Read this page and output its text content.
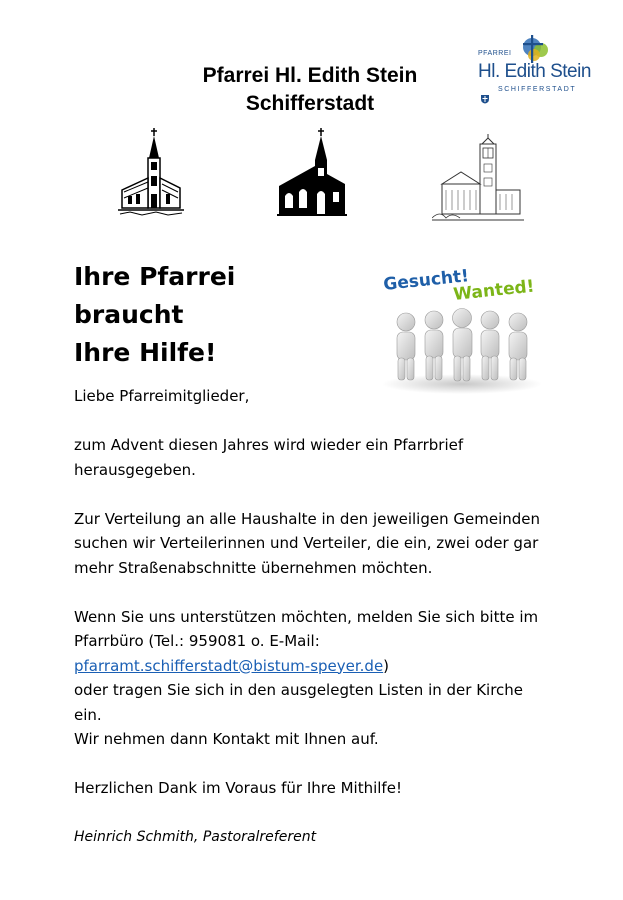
Pfarrei Hl. Edith Stein
Schifferstadt
PFARREI
Hl. Edith Stein
SCHIFFERSTADT
Ihre Pfarrei
braucht
Ihre Hilfe!
Gesucht!
Wanted!

Liebe Pfarreimitglieder,

zum Advent diesen Jahres wird wieder ein Pfarrbrief herausgegeben.

Zur Verteilung an alle Haushalte in den jeweiligen Gemeinden suchen wir Verteilerinnen und Verteiler, die ein, zwei oder gar mehr Straßenabschnitte übernehmen möchten.

Wenn Sie uns unterstützen möchten, melden Sie sich bitte im Pfarrbüro (Tel.: 959081 o. E-Mail:
pfarramt.schifferstadt@bistum-speyer.de)
oder tragen Sie sich in den ausgelegten Listen in der Kirche ein.
Wir nehmen dann Kontakt mit Ihnen auf.

Herzlichen Dank im Voraus für Ihre Mithilfe!

Heinrich Schmith, Pastoralreferent
